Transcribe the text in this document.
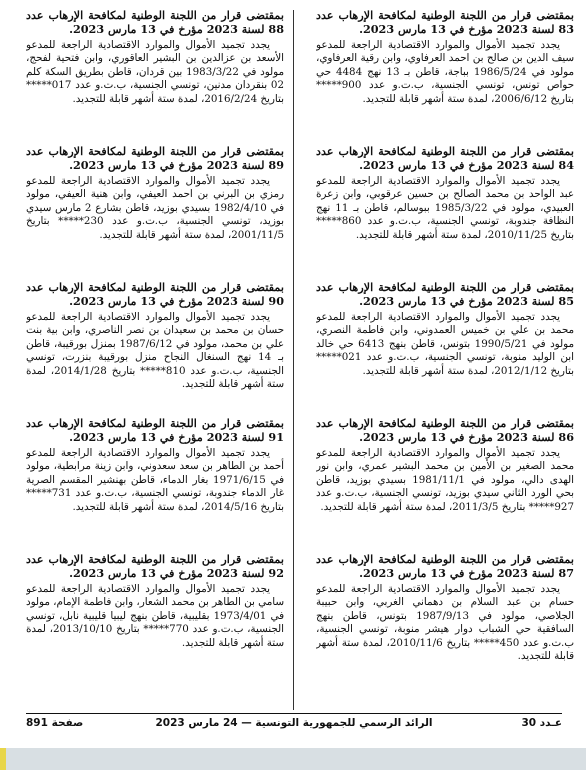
بمقتضى قرار من اللجنة الوطنية لمكافحة الإرهاب عدد 83 لسنة 2023 مؤرخ في 13 مارس 2023.

يجدد تجميد الأموال والموارد الاقتصادية الراجعة للمدعو سيف الدين بن صالح بن احمد العرفاوي، وابن رقية العرفاوي، مولود في 1986/5/24 بباجة، قاطن بـ 13 نهج 4484 حي حواص تونس، تونسي الجنسية، ب.ت.و عدد 900***** بتاريخ 2006/6/12، لمدة ستة أشهر قابلة للتجديد.

بمقتضى قرار من اللجنة الوطنية لمكافحة الإرهاب عدد 84 لسنة 2023 مؤرخ في 13 مارس 2023.

يجدد تجميد الأموال والموارد الاقتصادية الراجعة للمدعو عبد الواحد بن محمد الصالح بن حسين عرقوبي، وابن زعرة العبيدي، مولود في 1985/3/22 ببوسالم، قاطن بـ 11 نهج النظافة جندوبة، تونسي الجنسية، ب.ت.و عدد 860***** بتاريخ 2010/11/25، لمدة ستة أشهر قابلة للتجديد.

بمقتضى قرار من اللجنة الوطنية لمكافحة الإرهاب عدد 85 لسنة 2023 مؤرخ في 13 مارس 2023.

يجدد تجميد الأموال والموارد الاقتصادية الراجعة للمدعو محمد بن علي بن خميس العمدوني، وابن فاطمة النصري، مولود في 1990/5/21 بتونس، قاطن بنهج 6413 حي خالد ابن الوليد منوبة، تونسي الجنسية، ب.ت.و عدد 021***** بتاريخ 2012/1/12، لمدة ستة أشهر قابلة للتجديد.

بمقتضى قرار من اللجنة الوطنية لمكافحة الإرهاب عدد 86 لسنة 2023 مؤرخ في 13 مارس 2023.

يجدد تجميد الأموال والموارد الاقتصادية الراجعة للمدعو محمد الصغير بن الأمين بن محمد البشير عمري، وابن نور الهدى دالي، مولود في 1981/11/1 بسيدي بوزيد، قاطن بحي الورد الثاني سيدي بوزيد، تونسي الجنسية، ب.ت.و عدد 927***** بتاريخ 2011/3/5، لمدة ستة أشهر قابلة للتجديد.

بمقتضى قرار من اللجنة الوطنية لمكافحة الإرهاب عدد 87 لسنة 2023 مؤرخ في 13 مارس 2023.

يجدد تجميد الأموال والموارد الاقتصادية الراجعة للمدعو حسام بن عبد السلام بن دهماني الغربي، وابن حبيبة الجلاصي، مولود في 1987/9/13 بتونس، قاطن بنهج السافقية حي الشباب دوار هيشر منوبة، تونسي الجنسية، ب.ت.و عدد 450***** بتاريخ 2010/11/6، لمدة ستة أشهر قابلة للتجديد.

بمقتضى قرار من اللجنة الوطنية لمكافحة الإرهاب عدد 88 لسنة 2023 مؤرخ في 13 مارس 2023.

يجدد تجميد الأموال والموارد الاقتصادية الراجعة للمدعو الأسعد بن عزالدين بن البشير العاقوري، وابن فتحية لفحج، مولود في 1983/3/22 بين قردان، قاطن بطريق السكة كلم 02 بنقردان مدنين، تونسي الجنسية، ب.ت.و عدد 017***** بتاريخ 2016/2/24، لمدة ستة أشهر قابلة للتجديد.

بمقتضى قرار من اللجنة الوطنية لمكافحة الإرهاب عدد 89 لسنة 2023 مؤرخ في 13 مارس 2023.

يجدد تجميد الأموال والموارد الاقتصادية الراجعة للمدعو رمزي بن البرني بن احمد العيفي، وابن هنية العيفي، مولود في 1982/4/10 بسيدي بوزيد، قاطن بشارع 2 مارس سيدي بوزيد، تونسي الجنسية، ب.ت.و عدد 230***** بتاريخ 2001/11/5، لمدة ستة أشهر قابلة للتجديد.

بمقتضى قرار من اللجنة الوطنية لمكافحة الإرهاب عدد 90 لسنة 2023 مؤرخ في 13 مارس 2023.

يجدد تجميد الأموال والموارد الاقتصادية الراجعة للمدعو حسان بن محمد بن سعيدان بن نصر الناصري، وابن بية بنت علي بن محمد، مولود في 1987/6/12 بمنزل بورقيبة، قاطن بـ 14 نهج السنغال النجاح منزل بورقيبة بنزرت، تونسي الجنسية، ب.ت.و عدد 810***** بتاريخ 2014/1/28، لمدة ستة أشهر قابلة للتجديد.

بمقتضى قرار من اللجنة الوطنية لمكافحة الإرهاب عدد 91 لسنة 2023 مؤرخ في 13 مارس 2023.

يجدد تجميد الأموال والموارد الاقتصادية الراجعة للمدعو أحمد بن الطاهر بن سعد سعدوني، وابن زينة مرابطية، مولود في 1971/6/15 بغار الدماء، قاطن بهنشير المقسم الصرية غار الدماء جندوبة، تونسي الجنسية، ب.ت.و عدد 731***** بتاريخ 2014/5/16، لمدة ستة أشهر قابلة للتجديد.

بمقتضى قرار من اللجنة الوطنية لمكافحة الإرهاب عدد 92 لسنة 2023 مؤرخ في 13 مارس 2023.

يجدد تجميد الأموال والموارد الاقتصادية الراجعة للمدعو سامي بن الطاهر بن محمد الشعار، وابن فاطمة الإمام، مولود في 1973/4/01 بقليبية، قاطن بنهج ليبيا قليبية نابل، تونسي الجنسية، ب.ت.و عدد 770***** بتاريخ 2013/10/10، لمدة ستة أشهر قابلة للتجديد.

عـدد 30
الرائد الرسمي للجمهورية التونسية — 24 مارس 2023
صفحة 891
